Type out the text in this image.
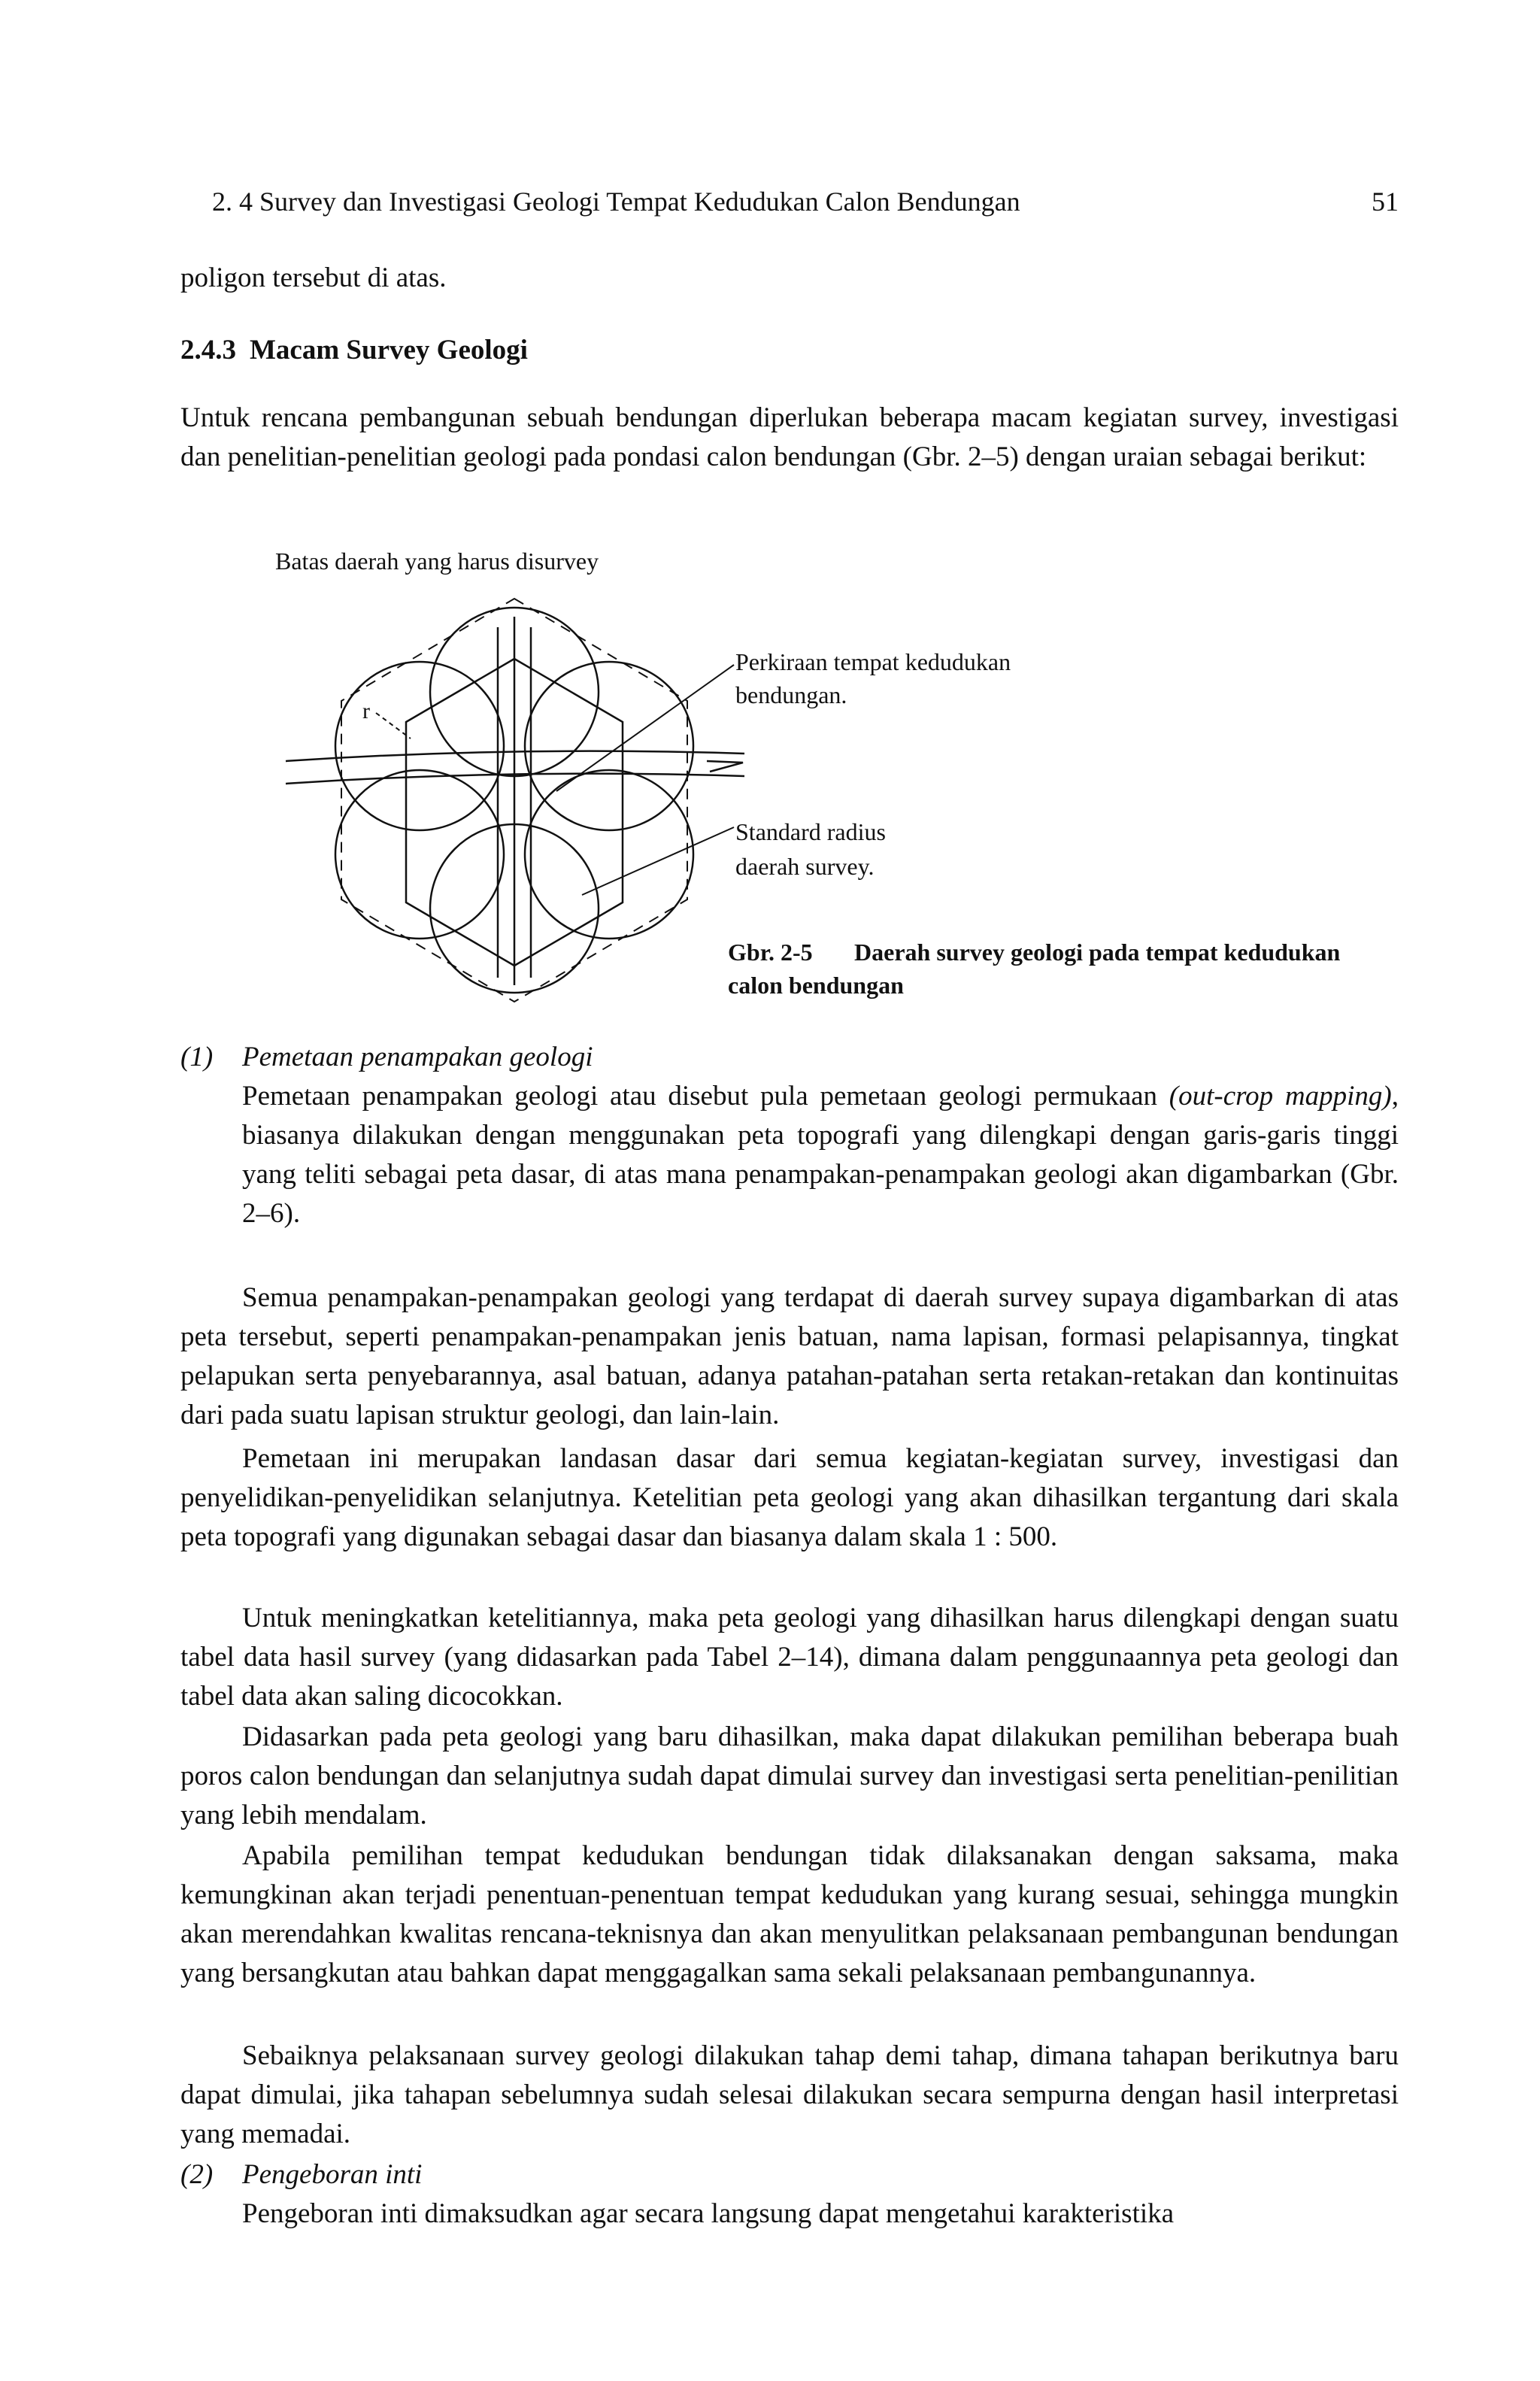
2. 4 Survey dan Investigasi Geologi Tempat Kedudukan Calon Bendungan	51
poligon tersebut di atas.
2.4.3 Macam Survey Geologi

Untuk rencana pembangunan sebuah bendungan diperlukan beberapa macam kegiatan survey, investigasi dan penelitian-penelitian geologi pada pondasi calon bendungan (Gbr. 2–5) dengan uraian sebagai berikut:

Batas daerah yang harus disurvey
Perkiraan tempat kedudukan
bendungan.
Standard radius
daerah survey.
r
Gbr. 2-5 Daerah survey geologi pada tempat kedudukan calon bendungan
(1) Pemetaan penampakan geologi

Pemetaan penampakan geologi atau disebut pula pemetaan geologi permukaan (out-crop mapping), biasanya dilakukan dengan menggunakan peta topografi yang dilengkapi dengan garis-garis tinggi yang teliti sebagai peta dasar, di atas mana penampakan-penampakan geologi akan digambarkan (Gbr. 2–6).

Semua penampakan-penampakan geologi yang terdapat di daerah survey supaya digambarkan di atas peta tersebut, seperti penampakan-penampakan jenis batuan, nama lapisan, formasi pelapisannya, tingkat pelapukan serta penyebarannya, asal batuan, adanya patahan-patahan serta retakan-retakan dan kontinuitas dari pada suatu lapisan struktur geologi, dan lain-lain.

Pemetaan ini merupakan landasan dasar dari semua kegiatan-kegiatan survey, investigasi dan penyelidikan-penyelidikan selanjutnya. Ketelitian peta geologi yang akan dihasilkan tergantung dari skala peta topografi yang digunakan sebagai dasar dan biasanya dalam skala 1 : 500.

Untuk meningkatkan ketelitiannya, maka peta geologi yang dihasilkan harus dilengkapi dengan suatu tabel data hasil survey (yang didasarkan pada Tabel 2–14), dimana dalam penggunaannya peta geologi dan tabel data akan saling dicocokkan.

Didasarkan pada peta geologi yang baru dihasilkan, maka dapat dilakukan pemilihan beberapa buah poros calon bendungan dan selanjutnya sudah dapat dimulai survey dan investigasi serta penelitian-penilitian yang lebih mendalam.

Apabila pemilihan tempat kedudukan bendungan tidak dilaksanakan dengan saksama, maka kemungkinan akan terjadi penentuan-penentuan tempat kedudukan yang kurang sesuai, sehingga mungkin akan merendahkan kwalitas rencana-teknisnya dan akan menyulitkan pelaksanaan pembangunan bendungan yang bersangkutan atau bahkan dapat menggagalkan sama sekali pelaksanaan pembangunannya.

Sebaiknya pelaksanaan survey geologi dilakukan tahap demi tahap, dimana tahapan berikutnya baru dapat dimulai, jika tahapan sebelumnya sudah selesai dilakukan secara sempurna dengan hasil interpretasi yang memadai.

(2) Pengeboran inti

Pengeboran inti dimaksudkan agar secara langsung dapat mengetahui karakteristika
